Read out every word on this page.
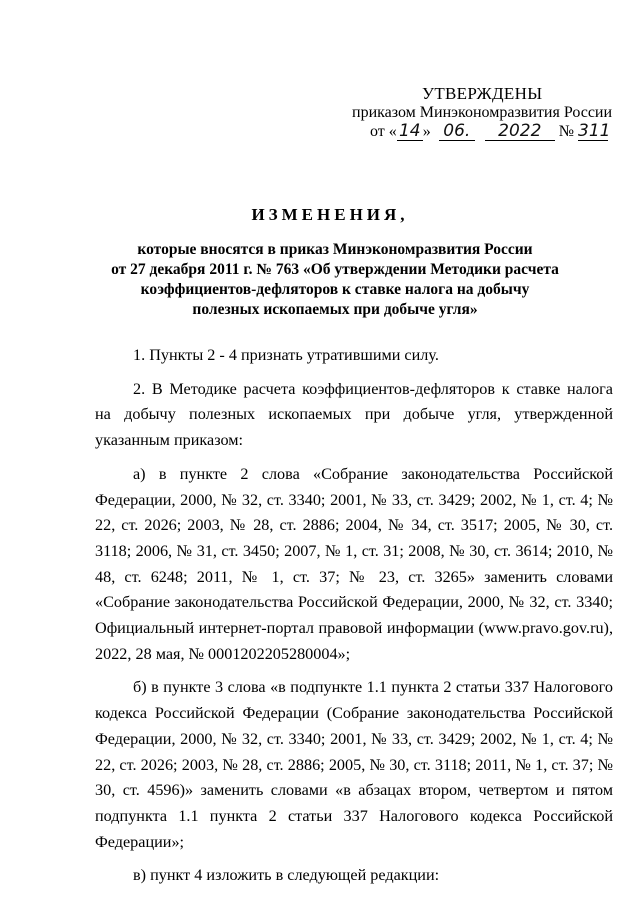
УТВЕРЖДЕНЫ
приказом Минэкономразвития России
от « 14 » 06. 2022 № 311
ИЗМЕНЕНИЯ,
которые вносятся в приказ Минэкономразвития России
от 27 декабря 2011 г. № 763 «Об утверждении Методики расчета
коэффициентов-дефляторов к ставке налога на добычу
полезных ископаемых при добыче угля»

1. Пункты 2 - 4 признать утратившими силу.

2. В Методике расчета коэффициентов-дефляторов к ставке налога на добычу полезных ископаемых при добыче угля, утвержденной указанным приказом:

а) в пункте 2 слова «Собрание законодательства Российской Федерации, 2000, № 32, ст. 3340; 2001, № 33, ст. 3429; 2002, № 1, ст. 4; № 22, ст. 2026; 2003, № 28, ст. 2886; 2004, № 34, ст. 3517; 2005, № 30, ст. 3118; 2006, № 31, ст. 3450; 2007, № 1, ст. 31; 2008, № 30, ст. 3614; 2010, № 48, ст. 6248; 2011, № 1, ст. 37; № 23, ст. 3265» заменить словами «Собрание законодательства Российской Федерации, 2000, № 32, ст. 3340; Официальный интернет-портал правовой информации (www.pravo.gov.ru), 2022, 28 мая, № 0001202205280004»;

б) в пункте 3 слова «в подпункте 1.1 пункта 2 статьи 337 Налогового кодекса Российской Федерации (Собрание законодательства Российской Федерации, 2000, № 32, ст. 3340; 2001, № 33, ст. 3429; 2002, № 1, ст. 4; № 22, ст. 2026; 2003, № 28, ст. 2886; 2005, № 30, ст. 3118; 2011, № 1, ст. 37; № 30, ст. 4596)» заменить словами «в абзацах втором, четвертом и пятом подпункта 1.1 пункта 2 статьи 337 Налогового кодекса Российской Федерации»;

в) пункт 4 изложить в следующей редакции:
